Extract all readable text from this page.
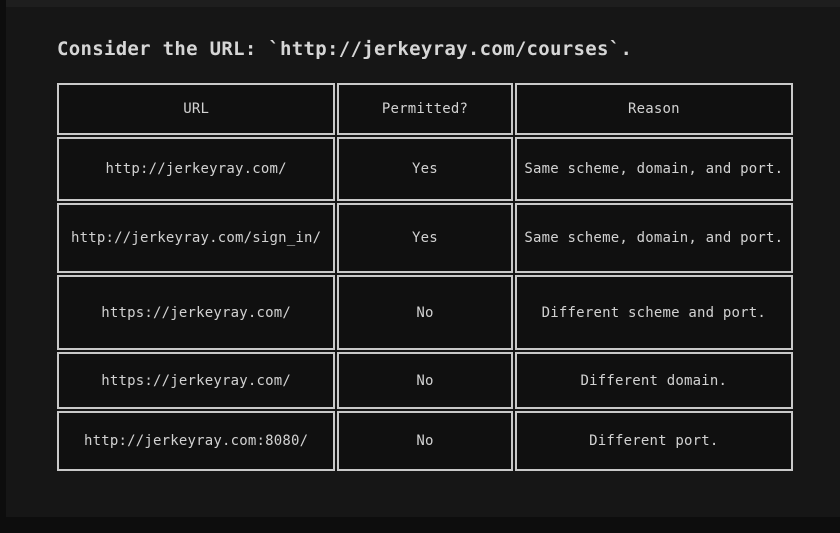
Consider the URL: `http://jerkeyray.com/courses`.
URL	Permitted?	Reason
http://jerkeyray.com/	Yes	Same scheme, domain, and port.
http://jerkeyray.com/sign_in/	Yes	Same scheme, domain, and port.
https://jerkeyray.com/	No	Different scheme and port.
https://jerkeyray.com/	No	Different domain.
http://jerkeyray.com:8080/	No	Different port.
